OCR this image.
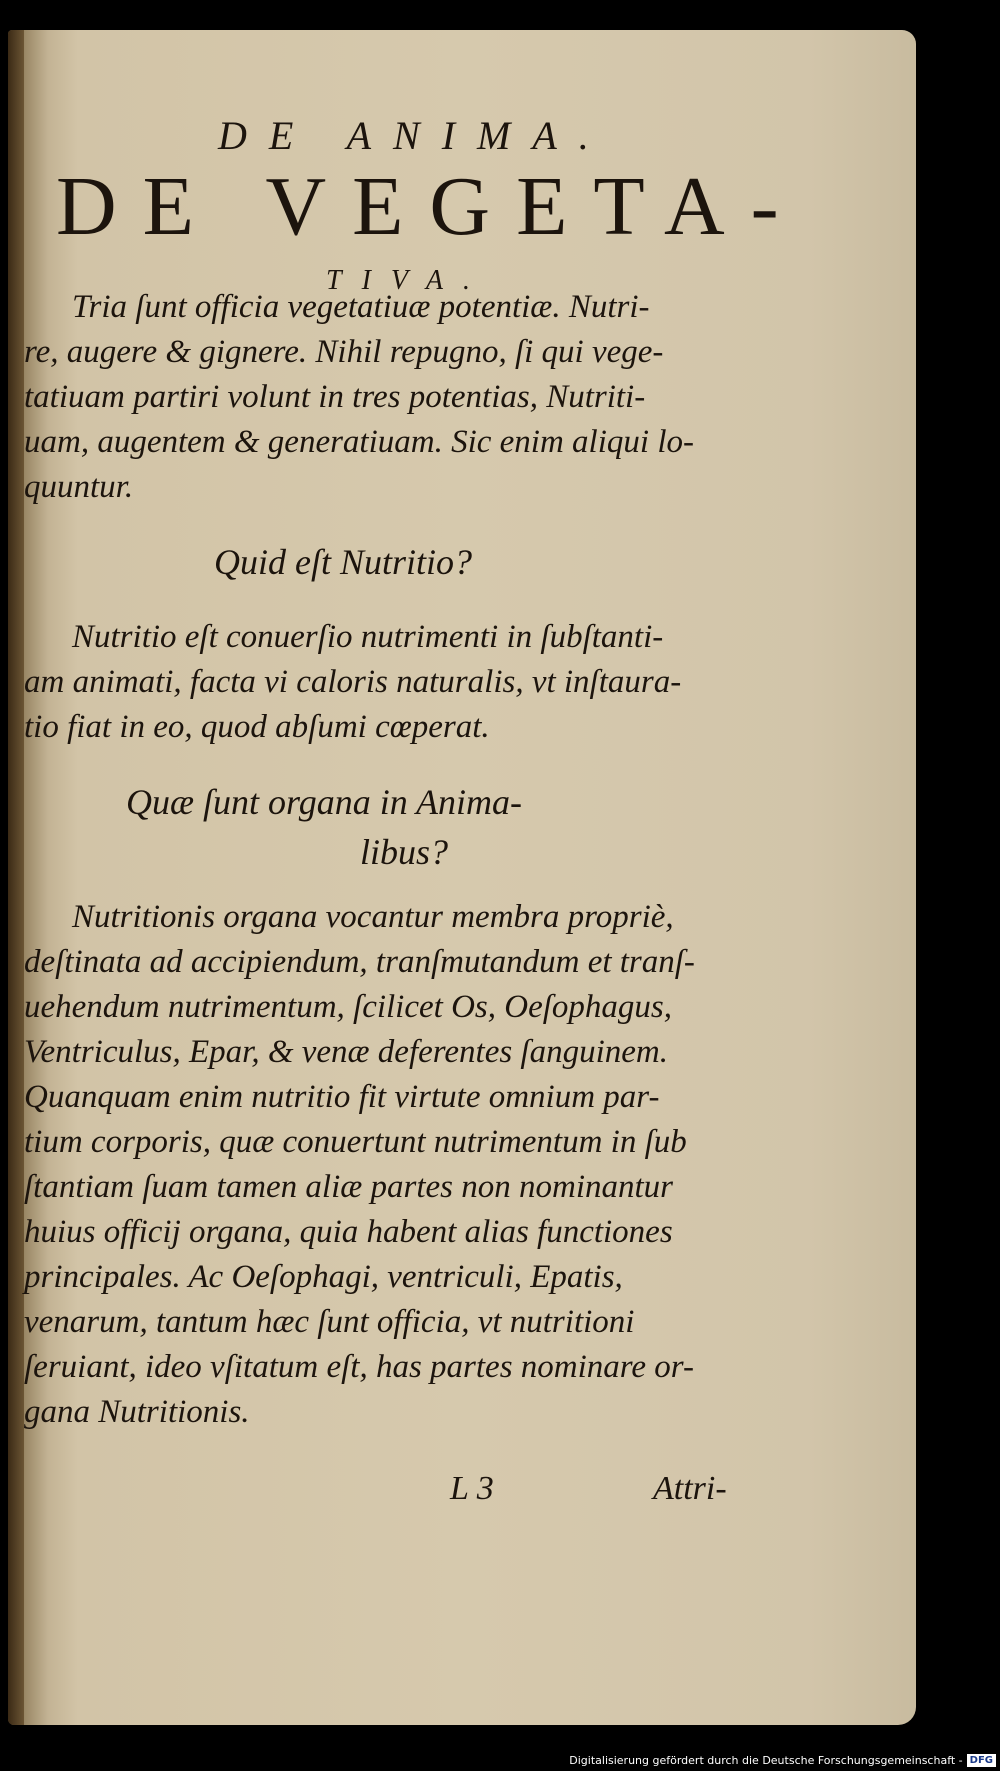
DE ANIMA.
DE VEGETA-
TIVA.
Tria ſunt officia vegetatiuæ potentiæ. Nutri-
re, augere & gignere. Nihil repugno, ſi qui vege-
tatiuam partiri volunt in tres potentias, Nutriti-
uam, augentem & generatiuam. Sic enim aliqui lo-
quuntur.
Quid eſt Nutritio?
Nutritio eſt conuerſio nutrimenti in ſubſtanti-
am animati, facta vi caloris naturalis, vt inſtaura-
tio fiat in eo, quod abſumi cœperat.
Quæ ſunt organa in Anima-
libus?
Nutritionis organa vocantur membra propriè,
deſtinata ad accipiendum, tranſmutandum et tranſ-
uehendum nutrimentum, ſcilicet Os, Oeſophagus,
Ventriculus, Epar, & venæ deferentes ſanguinem.
Quanquam enim nutritio fit virtute omnium par-
tium corporis, quæ conuertunt nutrimentum in ſub
ſtantiam ſuam tamen aliæ partes non nominantur
huius officij organa, quia habent alias functiones
principales. Ac Oeſophagi, ventriculi, Epatis,
venarum, tantum hæc ſunt officia, vt nutritioni
ſeruiant, ideo vſitatum eſt, has partes nominare or-
gana Nutritionis.
L 3	Attri-
Digitalisierung gefördert durch die Deutsche Forschungsgemeinschaft - DFG
